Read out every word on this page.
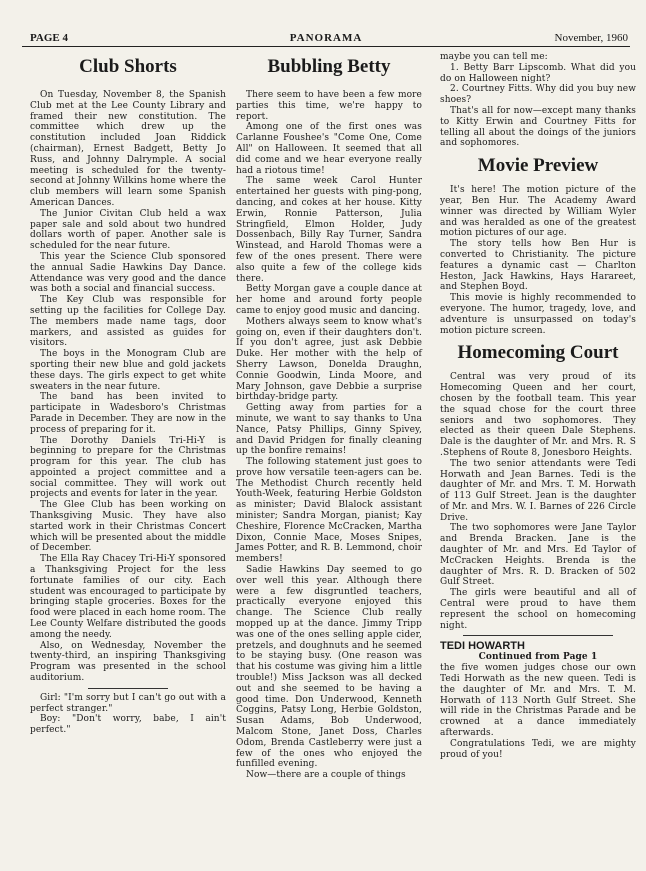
PAGE 4	PANORAMA	November, 1960
Club Shorts

On Tuesday, November 8, the Spanish Club met at the Lee County Library and framed their new constitution. The committee which drew up the constitution included Joan Riddick (chairman), Ernest Badgett, Betty Jo Russ, and Johnny Dalrymple. A social meeting is scheduled for the twenty-second at Johnny Wilkins home where the club members will learn some Spanish American Dances.

The Junior Civitan Club held a wax paper sale and sold about two hundred dollars worth of paper. Another sale is scheduled for the near future.

This year the Science Club sponsored the annual Sadie Hawkins Day Dance. Attendance was very good and the dance was both a social and financial success.

The Key Club was responsible for setting up the facilities for College Day. The members made name tags, door markers, and assisted as guides for visitors.

The boys in the Monogram Club are sporting their new blue and gold jackets these days. The girls expect to get white sweaters in the near future.

The band has been invited to participate in Wadesboro's Christmas Parade in December. They are now in the process of preparing for it.

The Dorothy Daniels Tri-Hi-Y is beginning to prepare for the Christmas program for this year. The club has appointed a project committee and a social committee. They will work out projects and events for later in the year.

The Glee Club has been working on Thanksgiving Music. They have also started work in their Christmas Concert which will be presented about the middle of December.

The Ella Ray Chacey Tri-Hi-Y sponsored a Thanksgiving Project for the less fortunate families of our city. Each student was encouraged to participate by bringing staple groceries. Boxes for the food were placed in each home room. The Lee County Welfare distributed the goods among the needy.

Also, on Wednesday, November the twenty-third, an inspiring Thanksgiving Program was presented in the school auditorium.

Girl: "I'm sorry but I can't go out with a perfect stranger."

Boy: "Don't worry, babe, I ain't perfect."

Bubbling Betty

There seem to have been a few more parties this time, we're happy to report.

Among one of the first ones was Carlanne Foushee's "Come One, Come All" on Halloween. It seemed that all did come and we hear everyone really had a riotous time!

The same week Carol Hunter entertained her guests with ping-pong, dancing, and cokes at her house. Kitty Erwin, Ronnie Patterson, Julia Stringfield, Elmon Holder, Judy Dossenbach, Billy Ray Turner, Sandra Winstead, and Harold Thomas were a few of the ones present. There were also quite a few of the college kids there.

Betty Morgan gave a couple dance at her home and around forty people came to enjoy good music and dancing.

Mothers always seem to know what's going on, even if their daughters don't. If you don't agree, just ask Debbie Duke. Her mother with the help of Sherry Lawson, Donelda Draughn, Connie Goodwin, Linda Moore, and Mary Johnson, gave Debbie a surprise birthday-bridge party.

Getting away from parties for a minute, we want to say thanks to Una Nance, Patsy Phillips, Ginny Spivey, and David Pridgen for finally cleaning up the bonfire remains!

The following statement just goes to prove how versatile teen-agers can be. The Methodist Church recently held Youth-Week, featuring Herbie Goldston as minister; David Blalock assistant minister; Sandra Morgan, pianist; Kay Cheshire, Florence McCracken, Martha Dixon, Connie Mace, Moses Snipes, James Potter, and R. B. Lemmond, choir members!

Sadie Hawkins Day seemed to go over well this year. Although there were a few disgruntled teachers, practically everyone enjoyed this change. The Science Club really mopped up at the dance. Jimmy Tripp was one of the ones selling apple cider, pretzels, and doughnuts and he seemed to be staying busy. (One reason was that his costume was giving him a little trouble!) Miss Jackson was all decked out and she seemed to be having a good time. Don Underwood, Kenneth Coggins, Patsy Long, Herbie Goldston, Susan Adams, Bob Underwood, Malcom Stone, Janet Doss, Charles Odom, Brenda Castleberry were just a few of the ones who enjoyed the funfilled evening.

Now—there are a couple of things

maybe you can tell me:

1. Betty Barr Lipscomb. What did you do on Halloween night?

2. Courtney Fitts. Why did you buy new shoes?

That's all for now—except many thanks to Kitty Erwin and Courtney Fitts for telling all about the doings of the juniors and sophomores.

Movie Preview

It's here! The motion picture of the year, Ben Hur. The Academy Award winner was directed by William Wyler and was heralded as one of the greatest motion pictures of our age.

The story tells how Ben Hur is converted to Christianity. The picture features a dynamic cast — Charlton Heston, Jack Hawkins, Hays Harareet, and Stephen Boyd.

This movie is highly recommended to everyone. The humor, tragedy, love, and adventure is unsurpassed on today's motion picture screen.

Homecoming Court

Central was very proud of its Homecoming Queen and her court, chosen by the football team. This year the squad chose for the court three seniors and two sophomores. They elected as their queen Dale Stephens. Dale is the daughter of Mr. and Mrs. R. S .Stephens of Route 8, Jonesboro Heights.

The two senior attendants were Tedi Horwath and Jean Barnes. Tedi is the daughter of Mr. and Mrs. T. M. Horwath of 113 Gulf Street. Jean is the daughter of Mr. and Mrs. W. I. Barnes of 226 Circle Drive.

The two sophomores were Jane Taylor and Brenda Bracken. Jane is the daughter of Mr. and Mrs. Ed Taylor of McCracken Heights. Brenda is the daughter of Mrs. R. D. Bracken of 502 Gulf Street.

The girls were beautiful and all of Central were proud to have them represent the school on homecoming night.

TEDI HOWARTH

Continued from Page 1

the five women judges chose our own Tedi Horwath as the new queen. Tedi is the daughter of Mr. and Mrs. T. M. Horwath of 113 North Gulf Street. She will ride in the Christmas Parade and be crowned at a dance immediately afterwards.

Congratulations Tedi, we are mighty proud of you!
